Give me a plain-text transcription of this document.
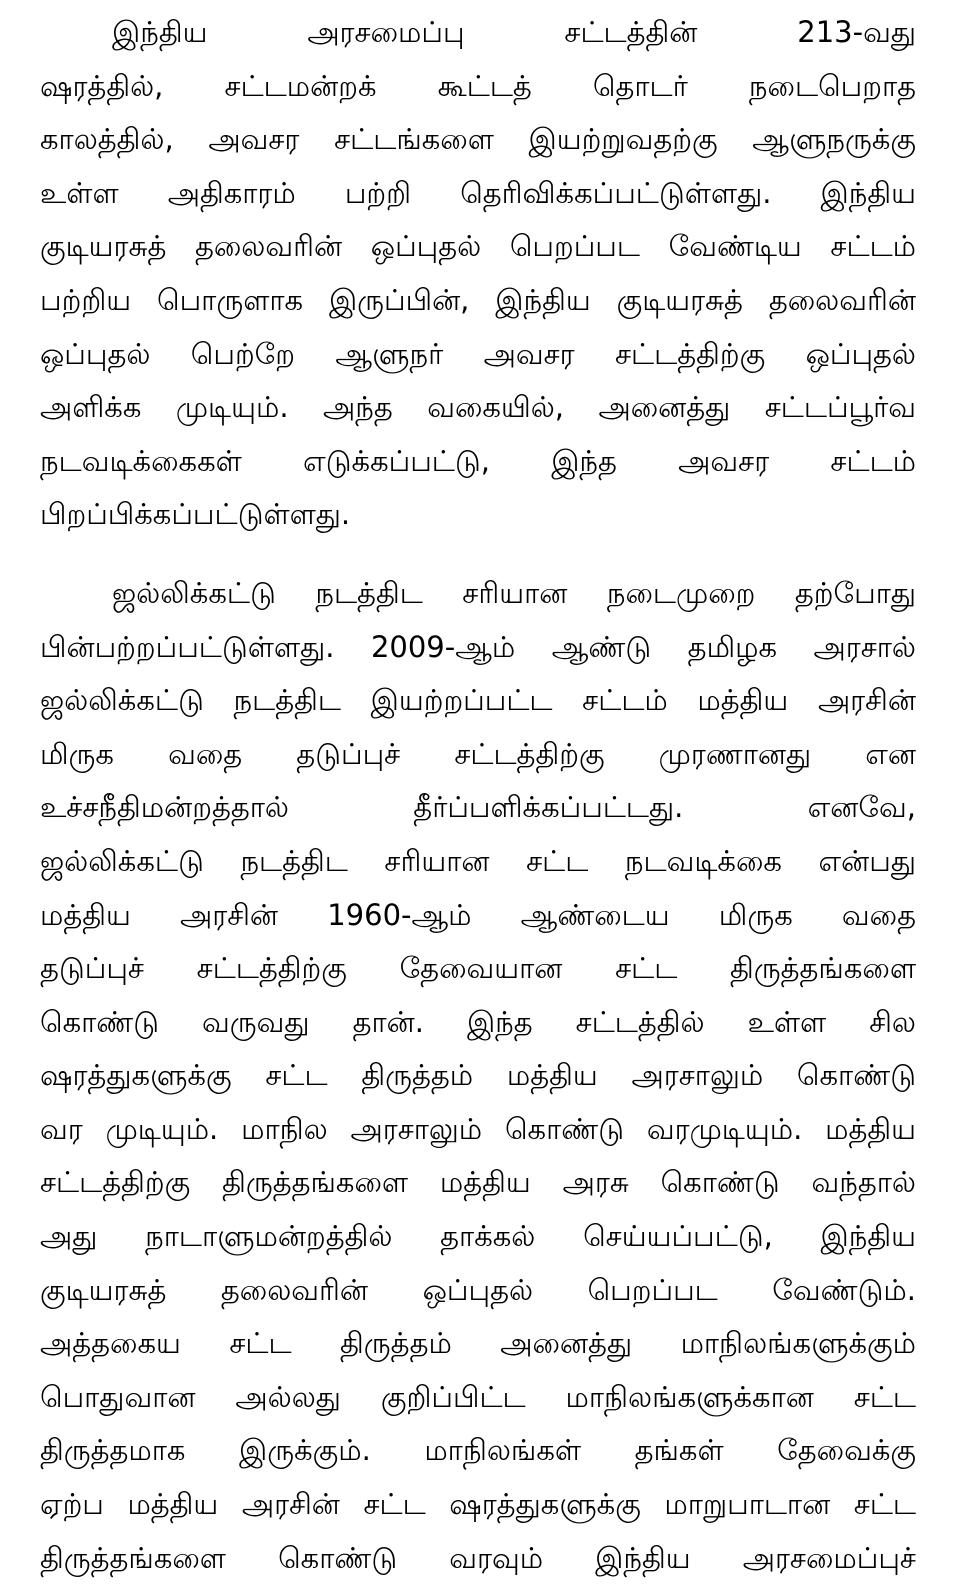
இந்திய அரசமைப்பு சட்டத்தின் 213-வது
ஷரத்தில், சட்டமன்றக் கூட்டத் தொடர் நடைபெறாத
காலத்தில், அவசர சட்டங்களை இயற்றுவதற்கு ஆளுநருக்கு
உள்ள அதிகாரம் பற்றி தெரிவிக்கப்பட்டுள்ளது. இந்திய
குடியரசுத் தலைவரின் ஒப்புதல் பெறப்பட வேண்டிய சட்டம்
பற்றிய பொருளாக இருப்பின், இந்திய குடியரசுத் தலைவரின்
ஒப்புதல் பெற்றே ஆளுநர் அவசர சட்டத்திற்கு ஒப்புதல்
அளிக்க முடியும். அந்த வகையில், அனைத்து சட்டப்பூர்வ
நடவடிக்கைகள் எடுக்கப்பட்டு, இந்த அவசர சட்டம்
பிறப்பிக்கப்பட்டுள்ளது.

ஜல்லிக்கட்டு நடத்திட சரியான நடைமுறை தற்போது
பின்பற்றப்பட்டுள்ளது. 2009-ஆம் ஆண்டு தமிழக அரசால்
ஜல்லிக்கட்டு நடத்திட இயற்றப்பட்ட சட்டம் மத்திய அரசின்
மிருக வதை தடுப்புச் சட்டத்திற்கு முரணானது என
உச்சநீதிமன்றத்தால் தீர்ப்பளிக்கப்பட்டது. எனவே,
ஜல்லிக்கட்டு நடத்திட சரியான சட்ட நடவடிக்கை என்பது
மத்திய அரசின் 1960-ஆம் ஆண்டைய மிருக வதை
தடுப்புச் சட்டத்திற்கு தேவையான சட்ட திருத்தங்களை
கொண்டு வருவது தான். இந்த சட்டத்தில் உள்ள சில
ஷரத்துகளுக்கு சட்ட திருத்தம் மத்திய அரசாலும் கொண்டு
வர முடியும். மாநில அரசாலும் கொண்டு வரமுடியும். மத்திய
சட்டத்திற்கு திருத்தங்களை மத்திய அரசு கொண்டு வந்தால்
அது நாடாளுமன்றத்தில் தாக்கல் செய்யப்பட்டு, இந்திய
குடியரசுத் தலைவரின் ஒப்புதல் பெறப்பட வேண்டும்.
அத்தகைய சட்ட திருத்தம் அனைத்து மாநிலங்களுக்கும்
பொதுவான அல்லது குறிப்பிட்ட மாநிலங்களுக்கான சட்ட
திருத்தமாக இருக்கும். மாநிலங்கள் தங்கள் தேவைக்கு
ஏற்ப மத்திய அரசின் சட்ட ஷரத்துகளுக்கு மாறுபாடான சட்ட
திருத்தங்களை கொண்டு வரவும் இந்திய அரசமைப்புச்
